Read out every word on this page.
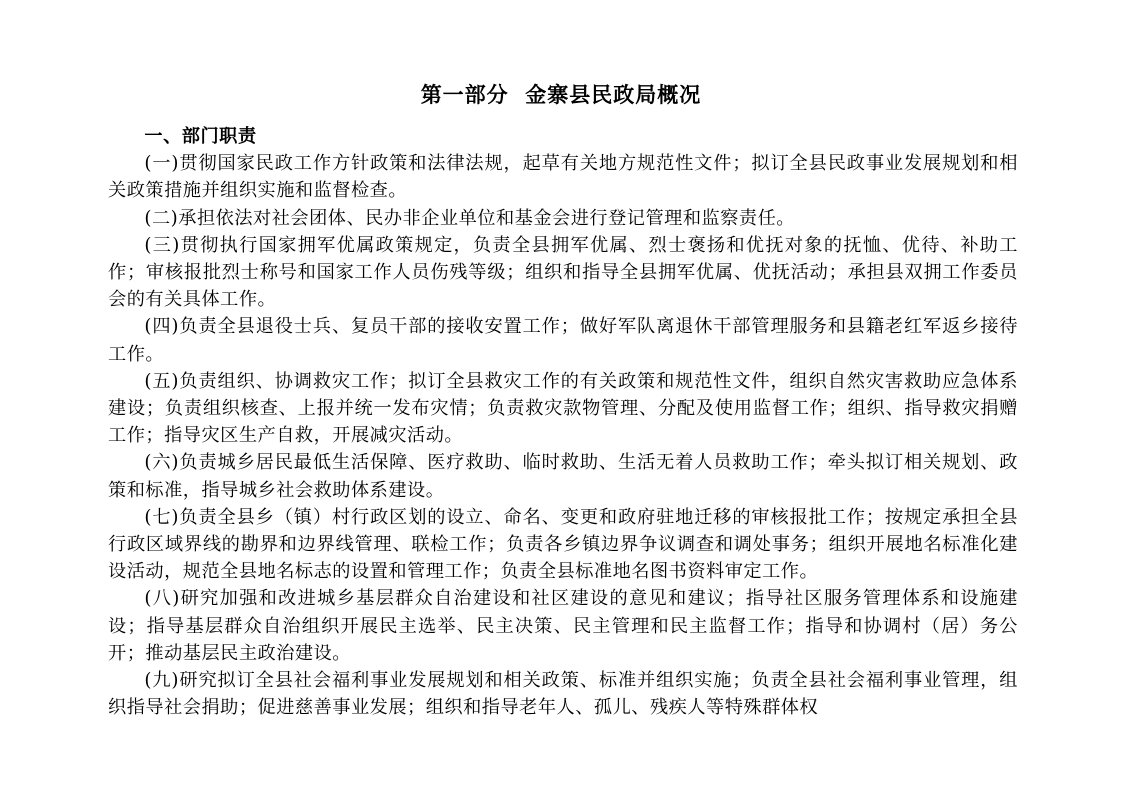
第一部分  金寨县民政局概况

一、部门职责

(一)贯彻国家民政工作方针政策和法律法规，起草有关地方规范性文件；拟订全县民政事业发展规划和相关政策措施并组织实施和监督检查。

(二)承担依法对社会团体、民办非企业单位和基金会进行登记管理和监察责任。

(三)贯彻执行国家拥军优属政策规定，负责全县拥军优属、烈士褒扬和优抚对象的抚恤、优待、补助工作；审核报批烈士称号和国家工作人员伤残等级；组织和指导全县拥军优属、优抚活动；承担县双拥工作委员会的有关具体工作。

(四)负责全县退役士兵、复员干部的接收安置工作；做好军队离退休干部管理服务和县籍老红军返乡接待工作。

(五)负责组织、协调救灾工作；拟订全县救灾工作的有关政策和规范性文件，组织自然灾害救助应急体系建设；负责组织核查、上报并统一发布灾情；负责救灾款物管理、分配及使用监督工作；组织、指导救灾捐赠工作；指导灾区生产自救，开展减灾活动。

(六)负责城乡居民最低生活保障、医疗救助、临时救助、生活无着人员救助工作；牵头拟订相关规划、政策和标准，指导城乡社会救助体系建设。

(七)负责全县乡（镇）村行政区划的设立、命名、变更和政府驻地迁移的审核报批工作；按规定承担全县行政区域界线的勘界和边界线管理、联检工作；负责各乡镇边界争议调查和调处事务；组织开展地名标准化建设活动，规范全县地名标志的设置和管理工作；负责全县标准地名图书资料审定工作。

(八)研究加强和改进城乡基层群众自治建设和社区建设的意见和建议；指导社区服务管理体系和设施建设；指导基层群众自治组织开展民主选举、民主决策、民主管理和民主监督工作；指导和协调村（居）务公开；推动基层民主政治建设。

(九)研究拟订全县社会福利事业发展规划和相关政策、标准并组织实施；负责全县社会福利事业管理，组织指导社会捐助；促进慈善事业发展；组织和指导老年人、孤儿、残疾人等特殊群体权
